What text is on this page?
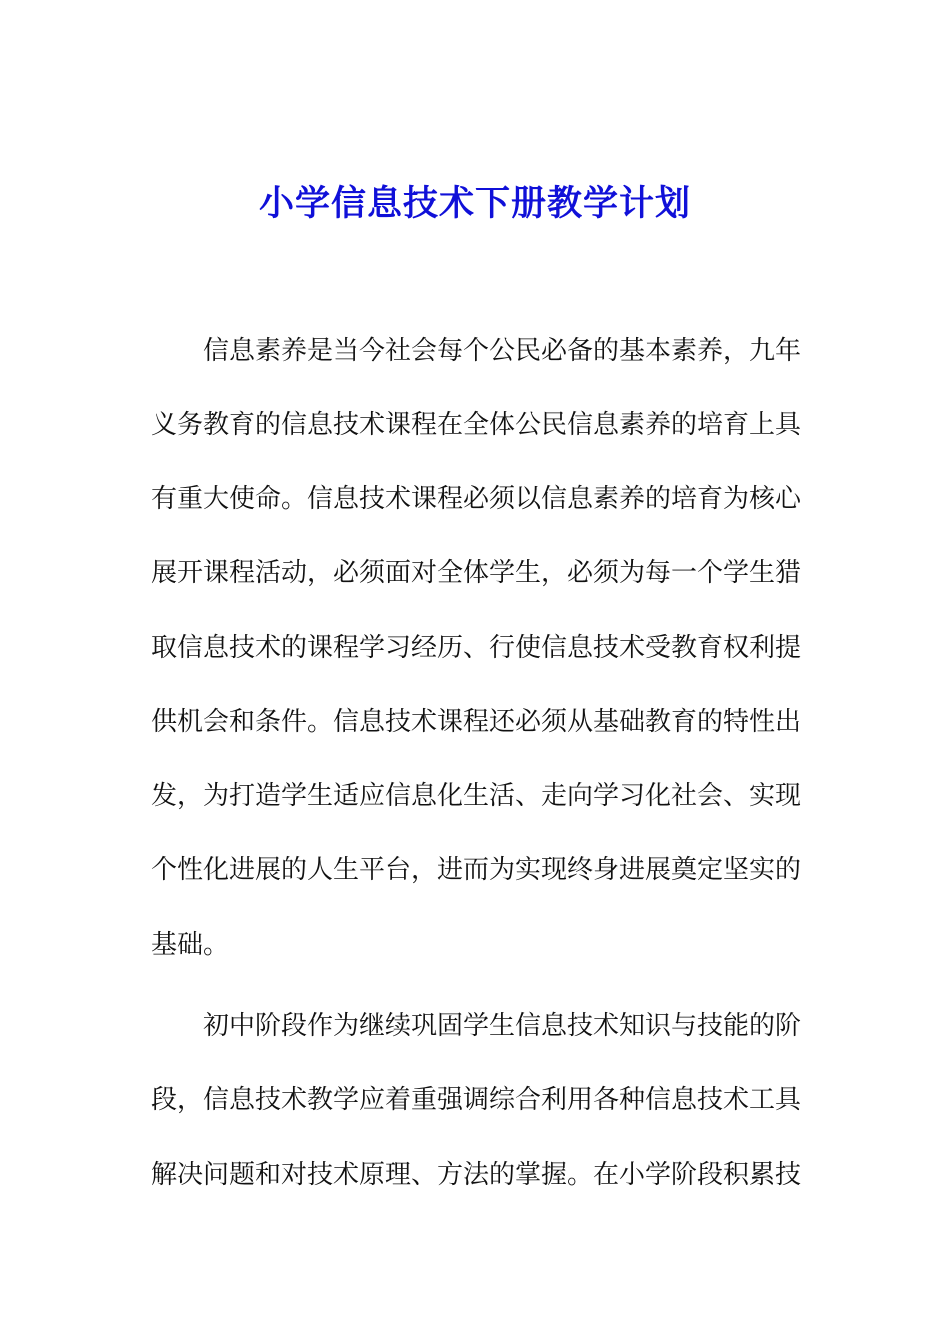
小学信息技术下册教学计划
信息素养是当今社会每个公民必备的基本素养，九年
义务教育的信息技术课程在全体公民信息素养的培育上具
有重大使命。信息技术课程必须以信息素养的培育为核心
展开课程活动，必须面对全体学生，必须为每一个学生猎
取信息技术的课程学习经历、行使信息技术受教育权利提
供机会和条件。信息技术课程还必须从基础教育的特性出
发，为打造学生适应信息化生活、走向学习化社会、实现
个性化进展的人生平台，进而为实现终身进展奠定坚实的
基础。
初中阶段作为继续巩固学生信息技术知识与技能的阶
段，信息技术教学应着重强调综合利用各种信息技术工具
解决问题和对技术原理、方法的掌握。在小学阶段积累技
